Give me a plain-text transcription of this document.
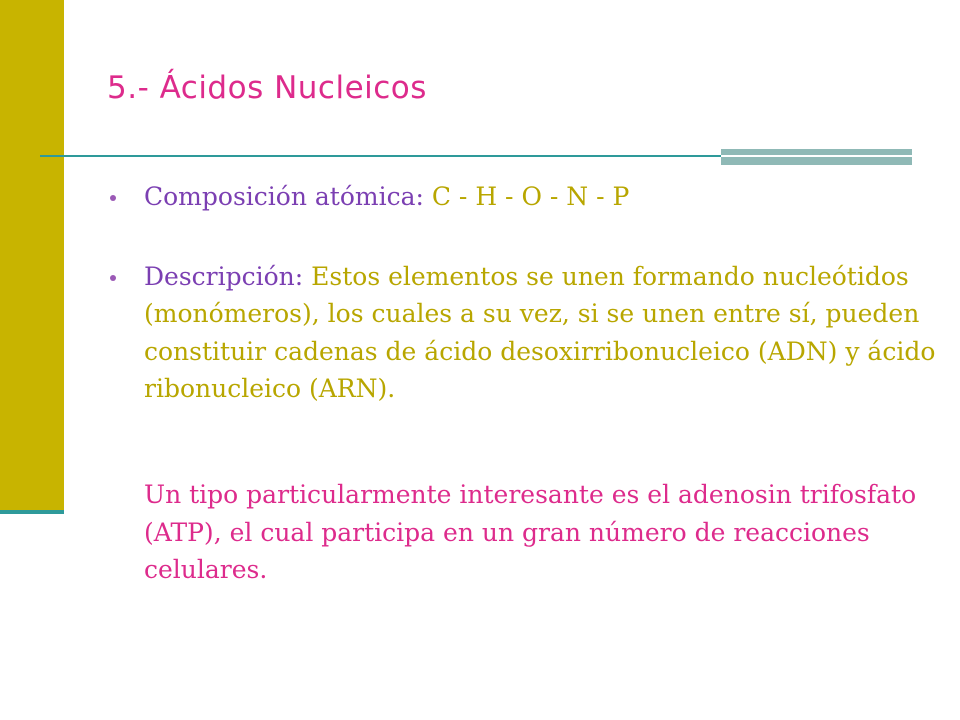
5.- Ácidos Nucleicos
Composición atómica: C - H - O - N - P
Descripción: Estos elementos se unen formando nucleótidos (monómeros), los cuales a su vez, si se unen entre sí, pueden constituir cadenas de ácido desoxirribonucleico (ADN) y ácido ribonucleico (ARN).

Un tipo particularmente interesante es el adenosin trifosfato (ATP), el cual participa en un gran número de reacciones celulares.
